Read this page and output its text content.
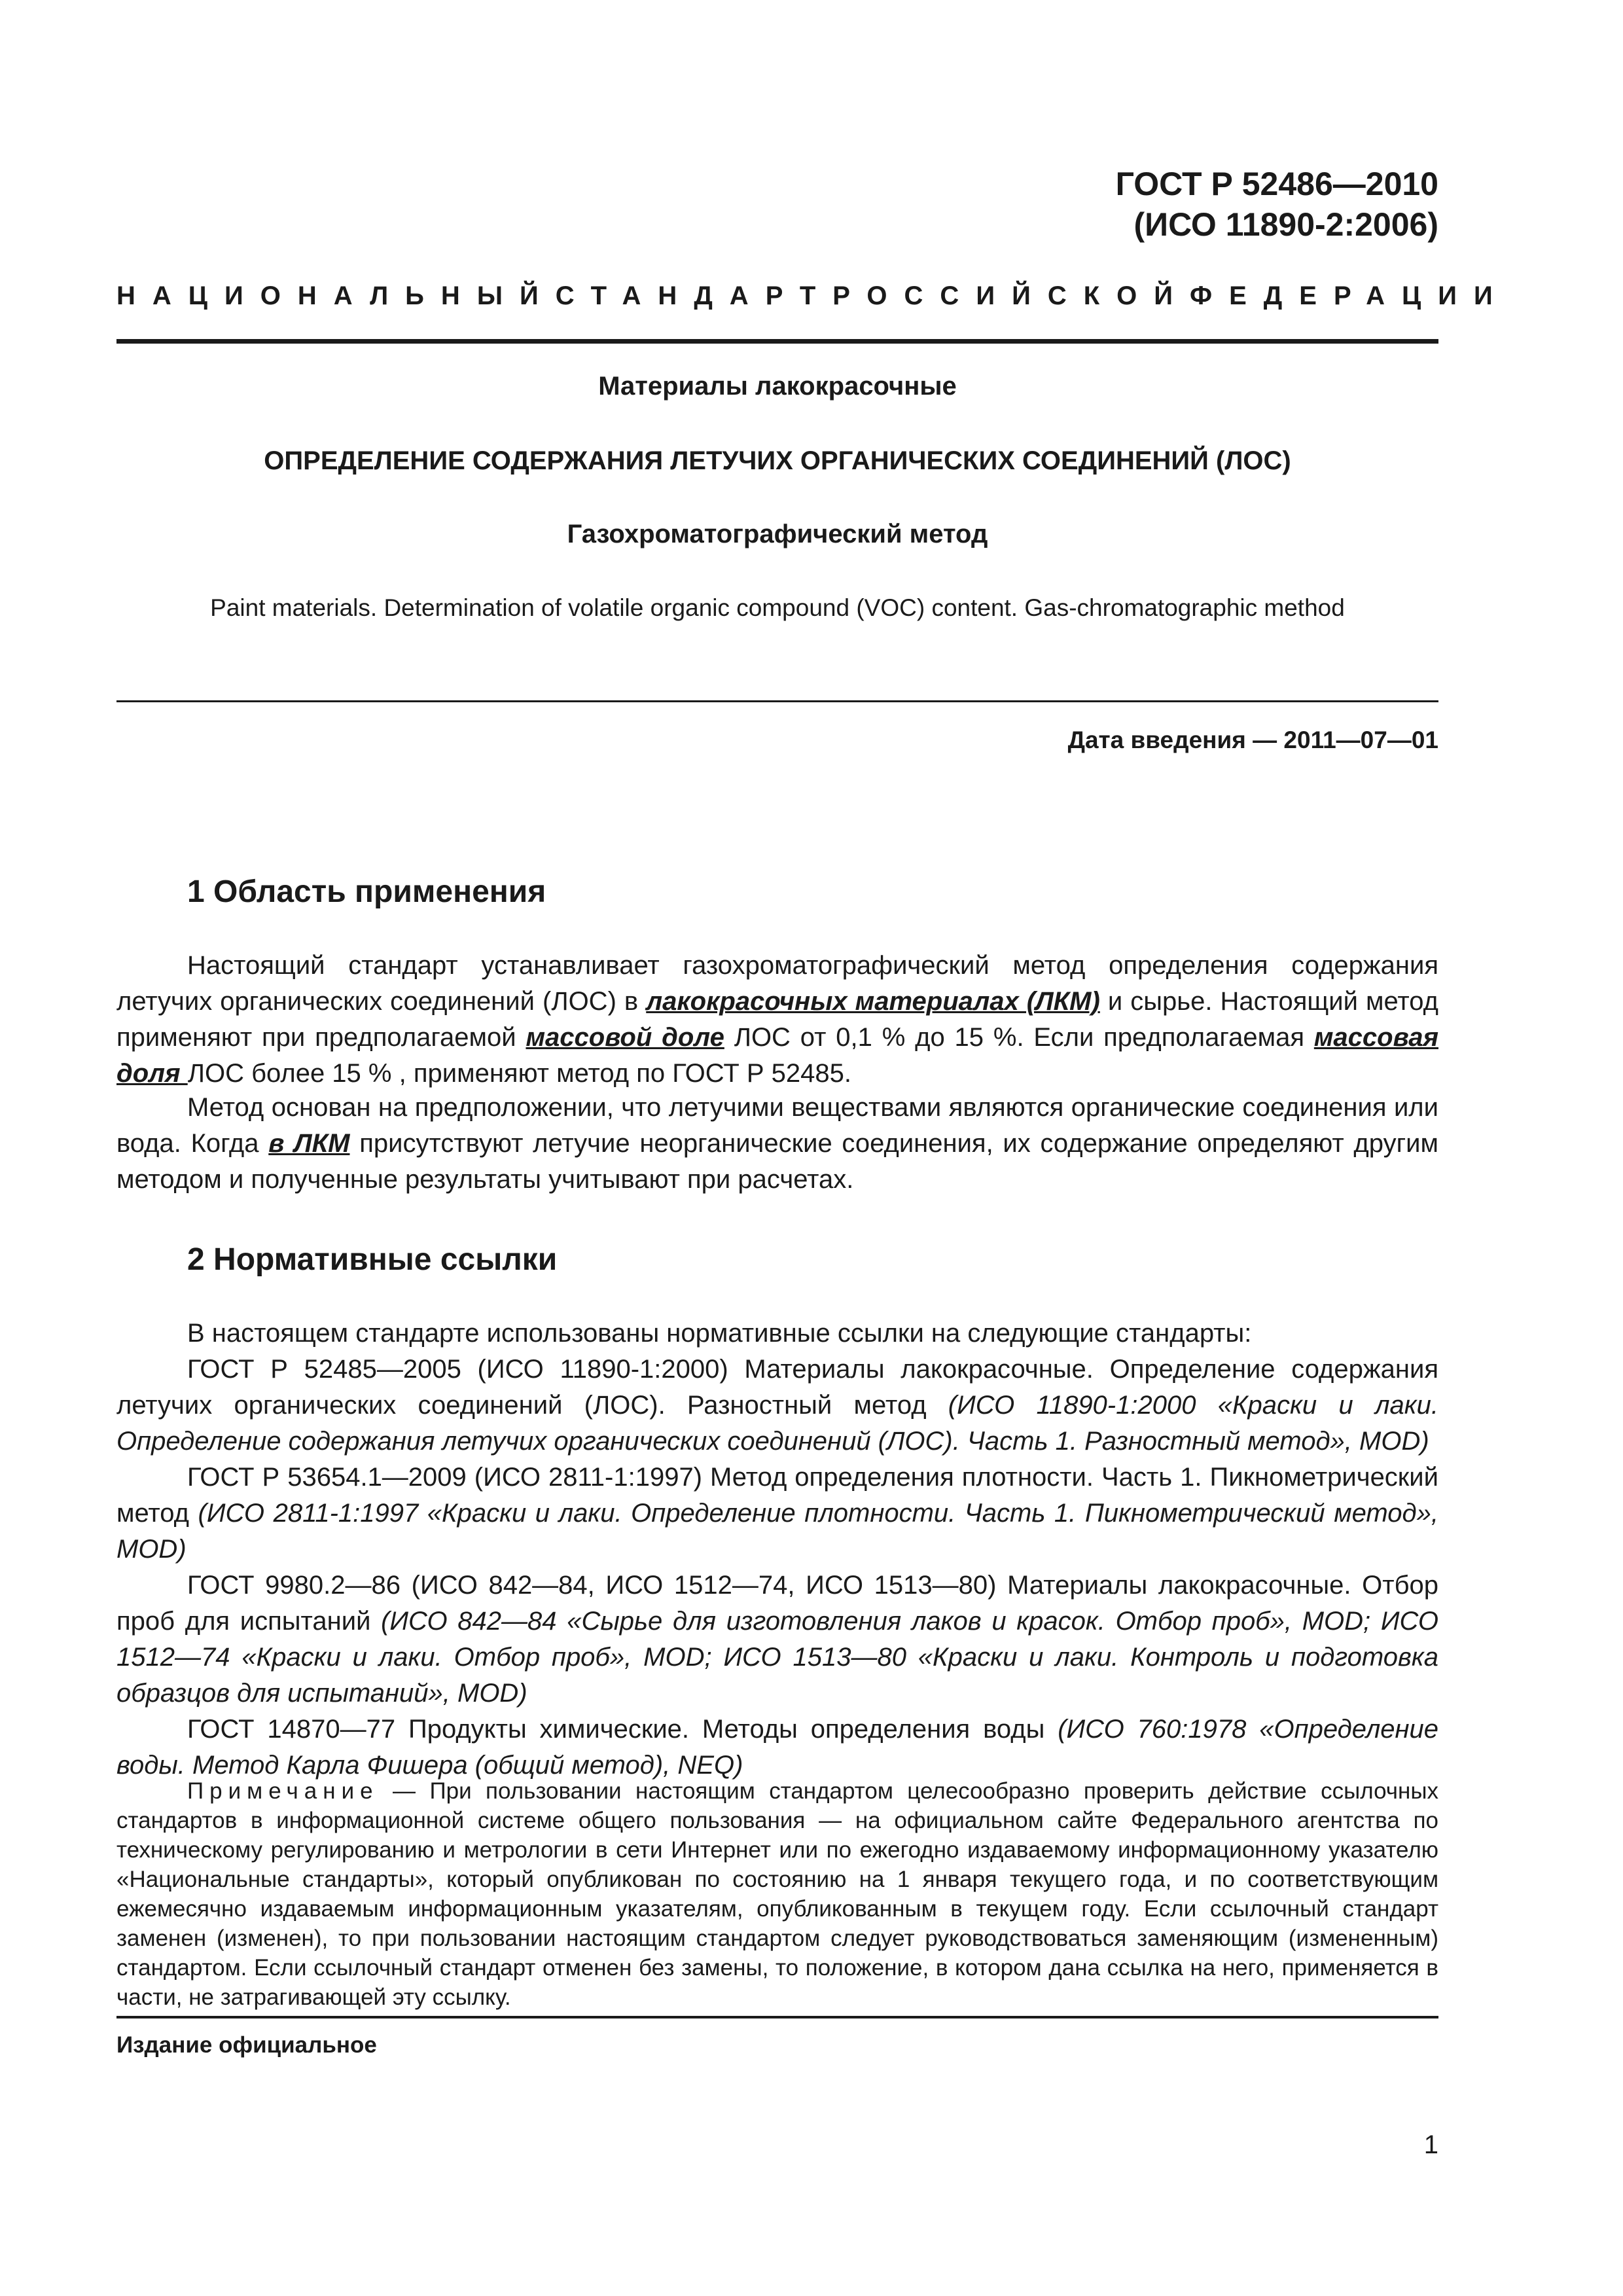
ГОСТ Р 52486—2010
(ИСО 11890-2:2006)
НАЦИОНАЛЬНЫЙ СТАНДАРТ РОССИЙСКОЙ ФЕДЕРАЦИИ
Материалы лакокрасочные
ОПРЕДЕЛЕНИЕ СОДЕРЖАНИЯ ЛЕТУЧИХ ОРГАНИЧЕСКИХ СОЕДИНЕНИЙ (ЛОС)
Газохроматографический метод
Paint materials. Determination of volatile organic compound (VOC) content. Gas-chromatographic method
Дата введения — 2011—07—01
1 Область применения

Настоящий стандарт устанавливает газохроматографический метод определения содержания летучих органических соединений (ЛОС) в лакокрасочных материалах (ЛКМ) и сырье. Настоящий метод применяют при предполагаемой массовой доле ЛОС от 0,1 % до 15 %. Если предполагаемая массовая доля ЛОС более 15 % , применяют метод по ГОСТ Р 52485.

Метод основан на предположении, что летучими веществами являются органические соединения или вода. Когда в ЛКМ присутствуют летучие неорганические соединения, их содержание определяют другим методом и полученные результаты учитывают при расчетах.

2 Нормативные ссылки

В настоящем стандарте использованы нормативные ссылки на следующие стандарты:

ГОСТ Р 52485—2005 (ИСО 11890-1:2000) Материалы лакокрасочные. Определение содержания летучих органических соединений (ЛОС). Разностный метод (ИСО 11890-1:2000 «Краски и лаки. Определение содержания летучих органических соединений (ЛОС). Часть 1. Разностный метод», MOD)

ГОСТ Р 53654.1—2009 (ИСО 2811-1:1997) Метод определения плотности. Часть 1. Пикнометрический метод (ИСО 2811-1:1997 «Краски и лаки. Определение плотности. Часть 1. Пикнометрический метод», MOD)

ГОСТ 9980.2—86 (ИСО 842—84, ИСО 1512—74, ИСО 1513—80) Материалы лакокрасочные. Отбор проб для испытаний (ИСО 842—84 «Сырье для изготовления лаков и красок. Отбор проб», MOD; ИСО 1512—74 «Краски и лаки. Отбор проб», MOD; ИСО 1513—80 «Краски и лаки. Контроль и подготовка образцов для испытаний», MOD)

ГОСТ 14870—77 Продукты химические. Методы определения воды (ИСО 760:1978 «Определение воды. Метод Карла Фишера (общий метод), NEQ)

Примечание — При пользовании настоящим стандартом целесообразно проверить действие ссылочных стандартов в информационной системе общего пользования — на официальном сайте Федерального агентства по техническому регулированию и метрологии в сети Интернет или по ежегодно издаваемому информационному указателю «Национальные стандарты», который опубликован по состоянию на 1 января текущего года, и по соответствующим ежемесячно издаваемым информационным указателям, опубликованным в текущем году. Если ссылочный стандарт заменен (изменен), то при пользовании настоящим стандартом следует руководствоваться заменяющим (измененным) стандартом. Если ссылочный стандарт отменен без замены, то положение, в котором дана ссылка на него, применяется в части, не затрагивающей эту ссылку.

Издание официальное
1
